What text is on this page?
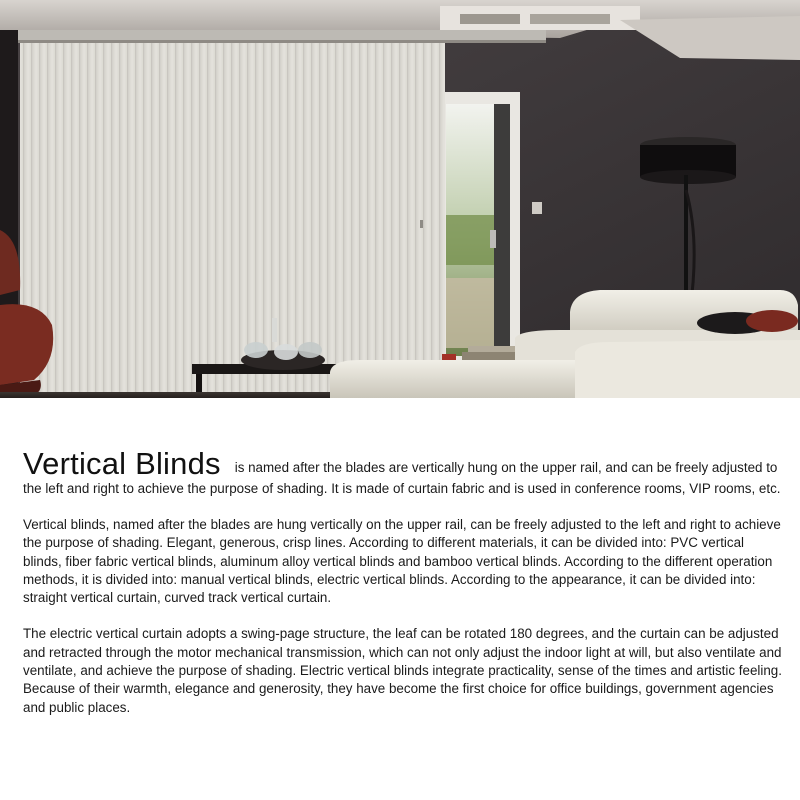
Vertical Blinds is named after the blades are vertically hung on the upper rail, and can be freely adjusted to the left and right to achieve the purpose of shading. It is made of curtain fabric and is used in conference rooms, VIP rooms, etc.

Vertical blinds, named after the blades are hung vertically on the upper rail, can be freely adjusted to the left and right to achieve the purpose of shading. Elegant, generous, crisp lines. According to different materials, it can be divided into: PVC vertical blinds, fiber fabric vertical blinds, aluminum alloy vertical blinds and bamboo vertical blinds. According to the different operation methods, it is divided into: manual vertical blinds, electric vertical blinds. According to the appearance, it can be divided into: straight vertical curtain, curved track vertical curtain.

The electric vertical curtain adopts a swing-page structure, the leaf can be rotated 180 degrees, and the curtain can be adjusted and retracted through the motor mechanical transmission, which can not only adjust the indoor light at will, but also ventilate and ventilate, and achieve the purpose of shading. Electric vertical blinds integrate practicality, sense of the times and artistic feeling. Because of their warmth, elegance and generosity, they have become the first choice for office buildings, government agencies and public places.
